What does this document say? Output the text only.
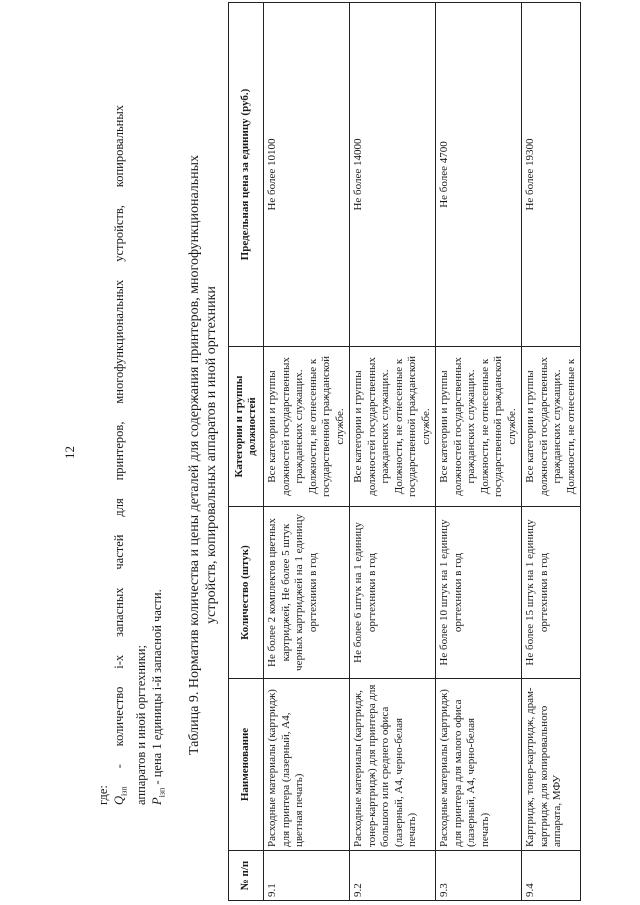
12

где: $Q_{iзп}$ - количество i-х запасных частей для принтеров, многофункциональных устройств, копировальных аппаратов и иной оргтехники; $P_{iзп}$ - цена 1 единицы i-й запасной части.	Таблица 9. Норматив количества и цены деталей для содержания принтеров, многофункциональных устройств, копировальных аппаратов и иной оргтехники
№ п/п	Наименование	Количество (штук)	Категории и группы должностей	Предельная цена за единицу (руб.)
9.1	Расходные материалы (картридж) для принтера (лазерный, А4, цветная печать)	Не более 2 комплектов цветных картриджей, Не более 5 штук черных картриджей на 1 единицу оргтехники в год	Все категории и группы должностей государственных гражданских служащих. Должности, не отнесенные к государственной гражданской службе.	Не более 10100
9.2	Расходные материалы (картридж, тонер-картридж) для принтера для большого или среднего офиса (лазерный, А4, черно-белая печать)	Не более 6 штук на 1 единицу оргтехники в год	Все категории и группы должностей государственных гражданских служащих. Должности, не отнесенные к государственной гражданской службе.	Не более 14000
9.3	Расходные материалы (картридж) для принтера для малого офиса (лазерный, А4, черно-белая печать)	Не более 10 штук на 1 единицу оргтехники в год	Все категории и группы должностей государственных гражданских служащих. Должности, не отнесенные к государственной гражданской службе.	Не более 4700
9.4	Картридж, тонер-картридж, драм-картридж для копировального аппарата, МФУ	Не более 15 штук на 1 единицу оргтехники в год	Все категории и группы должностей государственных гражданских служащих. Должности, не отнесенные к	Не более 19300
